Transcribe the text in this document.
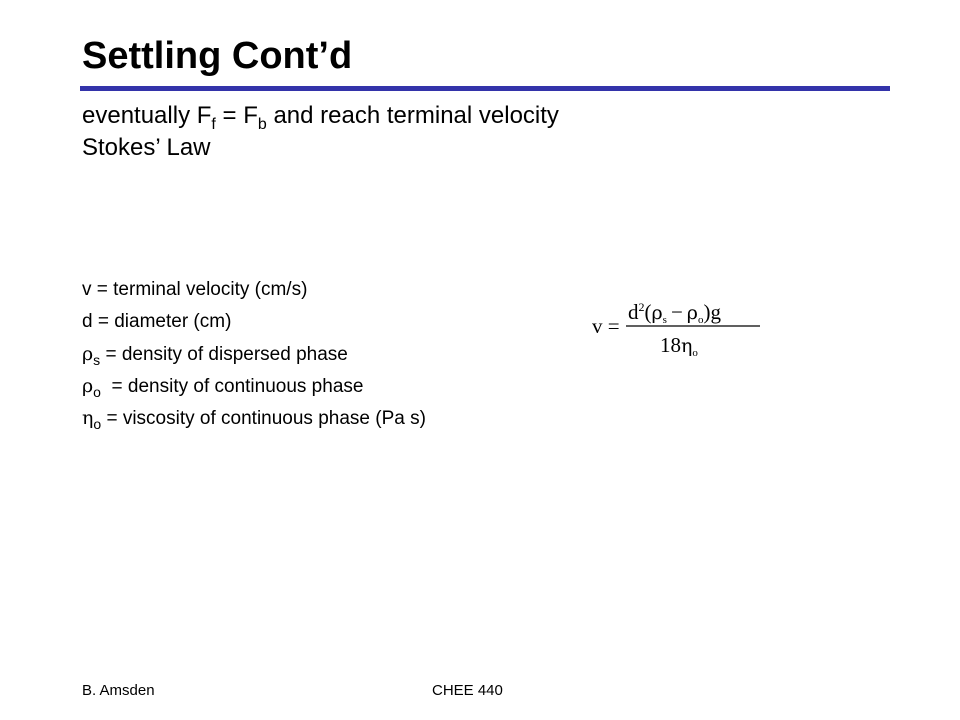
Settling Cont’d
eventually $F_f = F_b$ and reach terminal velocity
Stokes’ Law
v = terminal velocity (cm/s)
d = diameter (cm)
$\rho_s$ = density of dispersed phase
$\rho_o$  = density of continuous phase
$\eta_o$ = viscosity of continuous phase (Pa s)
v =
$d^2(\rho s - \rho o)g$
18ηo
B. Amsden	CHEE 440
